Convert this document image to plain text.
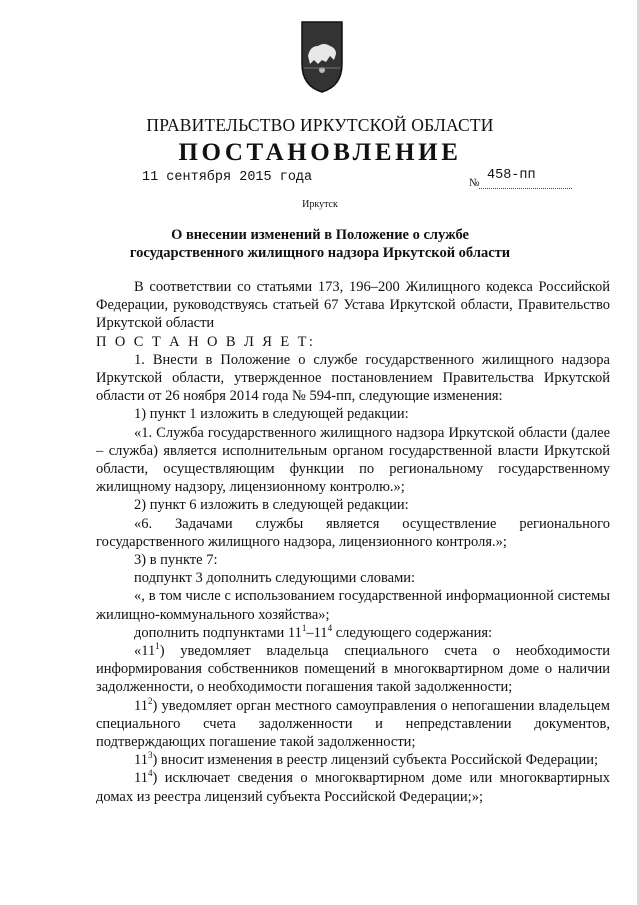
ПРАВИТЕЛЬСТВО ИРКУТСКОЙ ОБЛАСТИ
ПОСТАНОВЛЕНИЕ
11 сентября 2015 года	№ 458-пп
Иркутск
О внесении изменений в Положение о службе государственного жилищного надзора Иркутской области

В соответствии со статьями 173, 196–200 Жилищного кодекса Российской Федерации, руководствуясь статьей 67 Устава Иркутской области, Правительство Иркутской области

П О С Т А Н О В Л Я Е Т:

1. Внести в Положение о службе государственного жилищного надзора Иркутской области, утвержденное постановлением Правительства Иркутской области от 26 ноября 2014 года № 594-пп, следующие изменения:

1) пункт 1 изложить в следующей редакции:

«1. Служба государственного жилищного надзора Иркутской области (далее – служба) является исполнительным органом государственной власти Иркутской области, осуществляющим функции по региональному государственному жилищному надзору, лицензионному контролю.»;

2) пункт 6 изложить в следующей редакции:

«6. Задачами службы является осуществление регионального государственного жилищного надзора, лицензионного контроля.»;

3) в пункте 7:

подпункт 3 дополнить следующими словами:

«, в том числе с использованием государственной информационной системы жилищно-коммунального хозяйства»;

дополнить подпунктами $11^1-11^4$ следующего содержания:

«$11^1$) уведомляет владельца специального счета о необходимости информирования собственников помещений в многоквартирном доме о наличии задолженности, о необходимости погашения такой задолженности;

$11^2$) уведомляет орган местного самоуправления о непогашении владельцем специального счета задолженности и непредставлении документов, подтверждающих погашение такой задолженности;

$11^3$) вносит изменения в реестр лицензий субъекта Российской Федерации;

$11^4$) исключает сведения о многоквартирном доме или многоквартирных домах из реестра лицензий субъекта Российской Федерации;»;
